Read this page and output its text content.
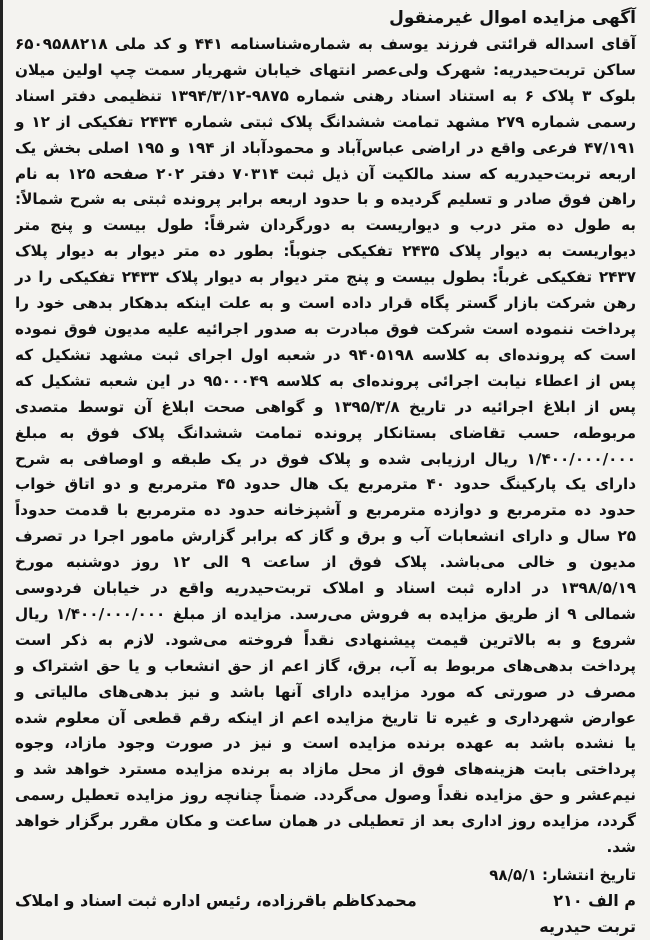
آگهی مزایده اموال غیرمنقول

آقای اسداله قرائتی فرزند یوسف به شماره‌شناسنامه ۴۴۱ و کد ملی ۶۵۰۹۵۸۸۲۱۸ ساکن تربت‌حیدریه: شهرک ولی‌عصر انتهای خیابان شهریار سمت چپ اولین میلان بلوک ۳ پلاک ۶ به استناد اسناد رهنی شماره ۹۸۷۵-۱۳۹۴/۳/۱۲ تنظیمی دفتر اسناد رسمی شماره ۲۷۹ مشهد تمامت ششدانگ پلاک ثبتی شماره ۲۴۳۴ تفکیکی از ۱۲ و ۴۷/۱۹۱ فرعی واقع در اراضی عباس‌آباد و محمودآباد از ۱۹۴ و ۱۹۵ اصلی بخش یک اربعه تربت‌حیدریه که سند مالکیت آن ذیل ثبت ۷۰۳۱۴ دفتر ۲۰۲ صفحه ۱۲۵ به نام راهن فوق صادر و تسلیم گردیده و با حدود اربعه برابر پرونده ثبتی به شرح شمالاً: به طول ده متر درب و دیواریست به دورگردان شرقاً: طول بیست و پنج متر دیواریست به دیوار پلاک ۲۴۳۵ تفکیکی جنوباً: بطور ده متر دیوار به دیوار پلاک ۲۴۳۷ تفکیکی غرباً: بطول بیست و پنج متر دیوار به دیوار پلاک ۲۴۳۳ تفکیکی را در رهن شرکت بازار گستر پگاه قرار داده است و به علت اینکه بدهکار بدهی خود را پرداخت ننموده است شرکت فوق مبادرت به صدور اجرائیه علیه مدیون فوق نموده است که پرونده‌ای به کلاسه ۹۴۰۵۱۹۸ در شعبه اول اجرای ثبت مشهد تشکیل که پس از اعطاء نیابت اجرائی پرونده‌ای به کلاسه ۹۵۰۰۰۴۹ در این شعبه تشکیل که پس از ابلاغ اجرائیه در تاریخ ۱۳۹۵/۳/۸ و گواهی صحت ابلاغ آن توسط متصدی مربوطه، حسب تقاضای بستانکار پرونده تمامت ششدانگ پلاک فوق به مبلغ ۱/۴۰۰/۰۰۰/۰۰۰ ریال ارزیابی شده و پلاک فوق در یک طبقه و اوصافی به شرح دارای یک پارکینگ حدود ۴۰ مترمربع یک هال حدود ۴۵ مترمربع و دو اتاق خواب حدود ده مترمربع و دوازده مترمربع و آشپزخانه حدود ده مترمربع با قدمت حدوداً ۲۵ سال و دارای انشعابات آب و برق و گاز که برابر گزارش مامور اجرا در تصرف مدیون و خالی می‌باشد. پلاک فوق از ساعت ۹ الی ۱۲ روز دوشنبه مورخ ۱۳۹۸/۵/۱۹ در اداره ثبت اسناد و املاک تربت‌حیدریه واقع در خیابان فردوسی شمالی ۹ از طریق مزایده به فروش می‌رسد. مزایده از مبلغ ۱/۴۰۰/۰۰۰/۰۰۰ ریال شروع و به بالاترین قیمت پیشنهادی نقداً فروخته می‌شود. لازم به ذکر است پرداخت بدهی‌های مربوط به آب، برق، گاز اعم از حق انشعاب و یا حق اشتراک و مصرف در صورتی که مورد مزایده دارای آنها باشد و نیز بدهی‌های مالیاتی و عوارض شهرداری و غیره تا تاریخ مزایده اعم از اینکه رقم قطعی آن معلوم شده یا نشده باشد به عهده برنده مزایده است و نیز در صورت وجود مازاد، وجوه پرداختی بابت هزینه‌های فوق از محل مازاد به برنده مزایده مسترد خواهد شد و نیم‌عشر و حق مزایده نقداً وصول می‌گردد. ضمناً چنانچه روز مزایده تعطیل رسمی گردد، مزایده روز اداری بعد از تعطیلی در همان ساعت و مکان مقرر برگزار خواهد شد.

تاریخ انتشار: ۹۸/۵/۱
م الف ۲۱۰
محمدکاظم باقرزاده، رئیس اداره ثبت اسناد و املاک
تربت حیدریه
